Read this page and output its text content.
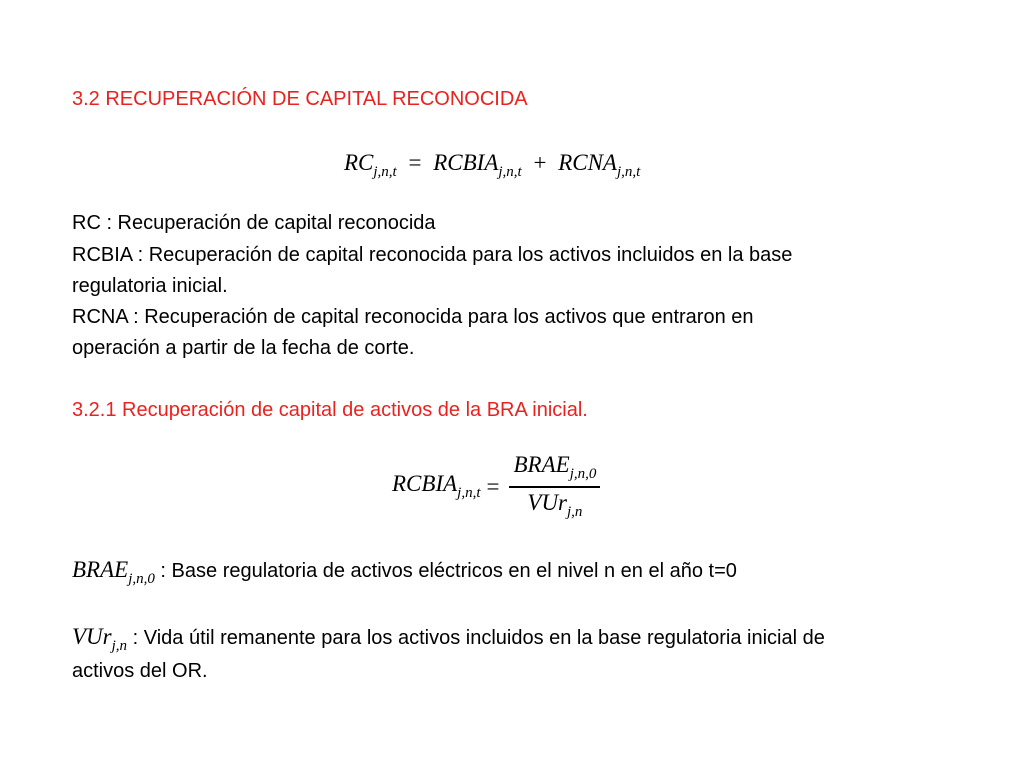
3.2 RECUPERACIÓN DE CAPITAL RECONOCIDA
$RC_{j,n,t}$ = $RCBIA_{j,n,t}$ + $RCNA_{j,n,t}$
RC : Recuperación de capital reconocida
RCBIA : Recuperación de capital reconocida para los activos incluidos en la base
regulatoria inicial.
RCNA : Recuperación de capital reconocida para los activos que entraron en
operación a partir de la fecha de corte.
3.2.1 Recuperación de capital de activos de la BRA inicial.
$RCBIA_{j,n,t} = \frac{BRAE_{j,n,0}}{VUr_{j,n}}$
$BRAE_{j,n,0}$ : Base regulatoria de activos eléctricos en el nivel n en el año t=0
VUr$_{j,n}$ : Vida útil remanente para los activos incluidos en la base regulatoria inicial de
activos del OR.
